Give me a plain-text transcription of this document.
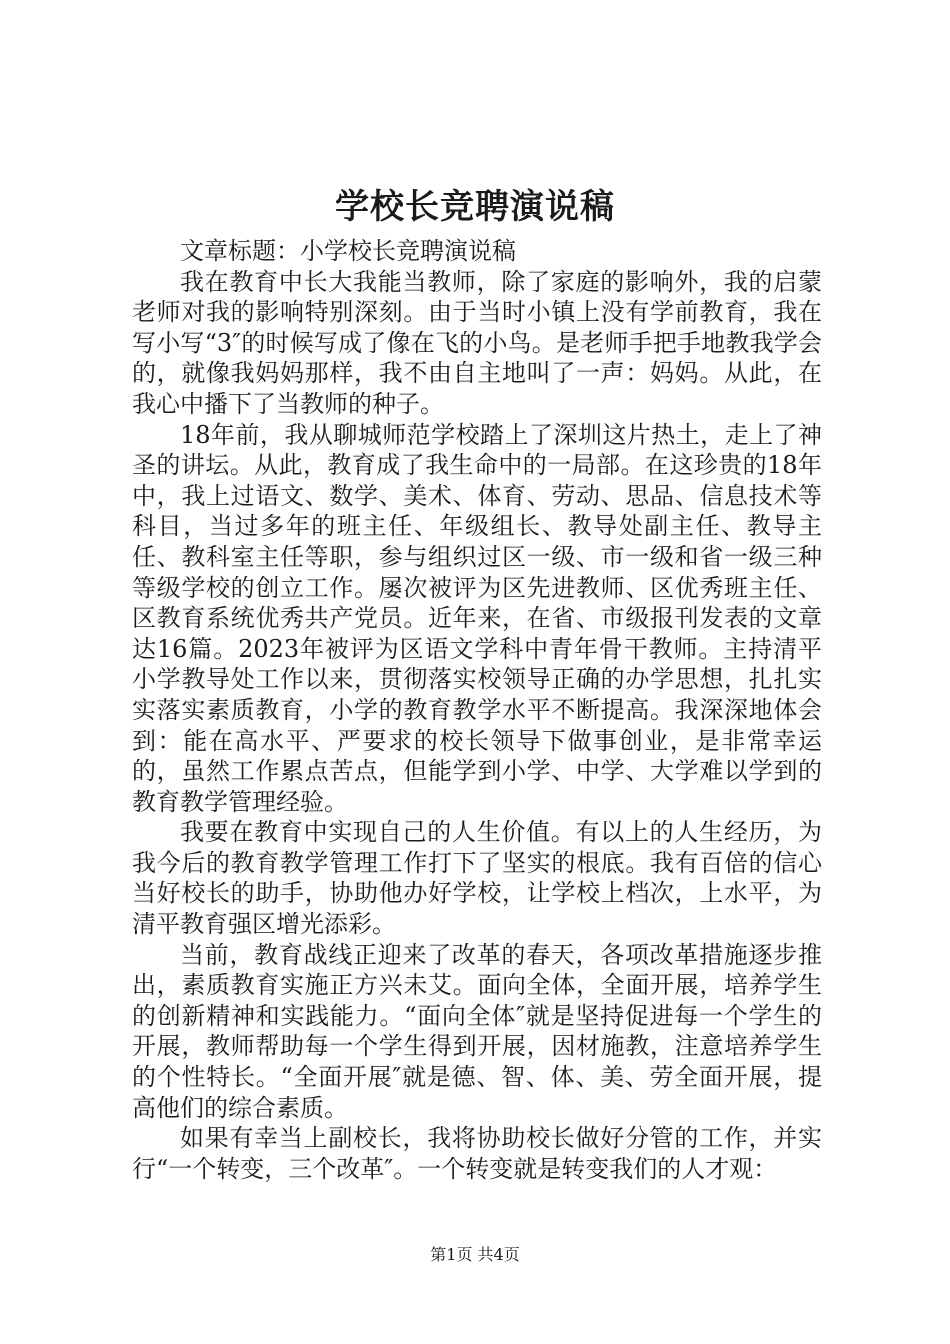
学校长竞聘演说稿

文章标题：小学校长竞聘演说稿

我在教育中长大我能当教师，除了家庭的影响外，我的启蒙老师对我的影响特别深刻。由于当时小镇上没有学前教育，我在写小写“3″的时候写成了像在飞的小鸟。是老师手把手地教我学会的，就像我妈妈那样，我不由自主地叫了一声：妈妈。从此，在我心中播下了当教师的种子。

18年前，我从聊城师范学校踏上了深圳这片热土，走上了神圣的讲坛。从此，教育成了我生命中的一局部。在这珍贵的18年中，我上过语文、数学、美术、体育、劳动、思品、信息技术等科目，当过多年的班主任、年级组长、教导处副主任、教导主任、教科室主任等职，参与组织过区一级、市一级和省一级三种等级学校的创立工作。屡次被评为区先进教师、区优秀班主任、区教育系统优秀共产党员。近年来，在省、市级报刊发表的文章达16篇。2023年被评为区语文学科中青年骨干教师。主持清平小学教导处工作以来，贯彻落实校领导正确的办学思想，扎扎实实落实素质教育，小学的教育教学水平不断提高。我深深地体会到：能在高水平、严要求的校长领导下做事创业，是非常幸运的，虽然工作累点苦点，但能学到小学、中学、大学难以学到的教育教学管理经验。

我要在教育中实现自己的人生价值。有以上的人生经历，为我今后的教育教学管理工作打下了坚实的根底。我有百倍的信心当好校长的助手，协助他办好学校，让学校上档次，上水平，为清平教育强区增光添彩。

当前，教育战线正迎来了改革的春天，各项改革措施逐步推出，素质教育实施正方兴未艾。面向全体，全面开展，培养学生的创新精神和实践能力。“面向全体″就是坚持促进每一个学生的开展，教师帮助每一个学生得到开展，因材施教，注意培养学生的个性特长。“全面开展″就是德、智、体、美、劳全面开展，提高他们的综合素质。

如果有幸当上副校长，我将协助校长做好分管的工作，并实行“一个转变，三个改革″。一个转变就是转变我们的人才观：

第1页 共4页
